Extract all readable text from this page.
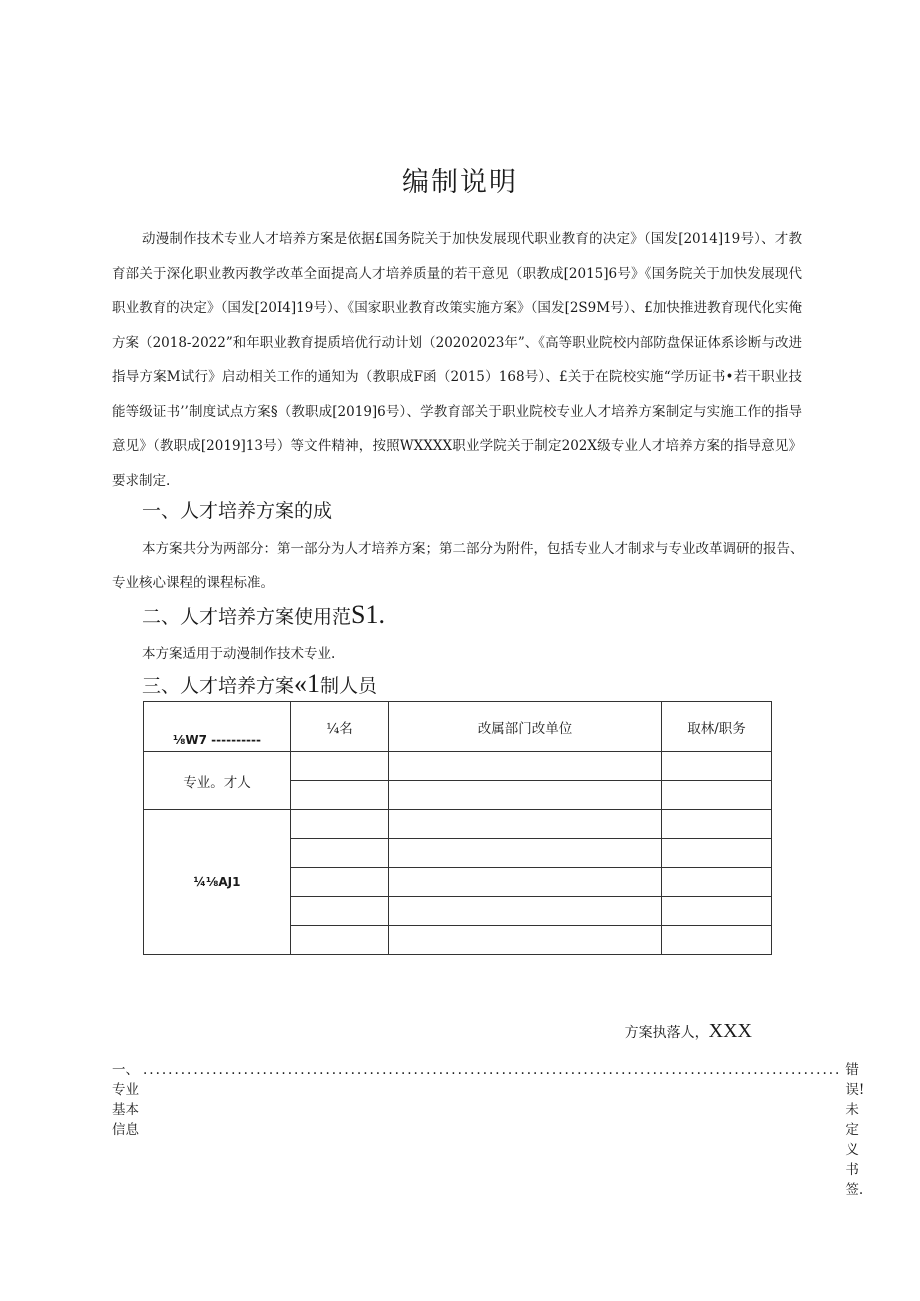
编制说明

动漫制作技术专业人才培养方案是依据£国务院关于加快发展现代职业教育的决定》（国发[2014]19号）、才教育部关于深化职业教丙教学改革全面提高人才培养质量的若干意见（职教成[2015]6号》《国务院关于加快发展现代职业教育的决定》（国发[20I4]19号）、《国家职业教育改策实施方案》（国发[2S9M号）、£加快推进教育现代化实俺方案（2018-2022”和年职业教育提质培优行动计划（20202023年”、《高等职业院校内部防盘保证体系诊断与改进指导方案M试行》启动相关工作的通知为（教职成F函（2015）168号）、£关于在院校实施“学历证书•若干职业技能等级证书’’制度试点方案§（教职成[2019]6号）、学教育部关于职业院校专业人才培养方案制定与实施工作的指导意见》（教职成[2019]13号）等文件精神，按照WXXXX职业学院关于制定202X级专业人才培养方案的指导意见》要求制定.

一、人才培养方案的成
本方案共分为两部分：第一部分为人才培养方案；第二部分为附件，包括专业人才制求与专业改革调研的报告、
专业核心课程的课程标准。
二、人才培养方案使用范S1.
本方案适用于动漫制作技术专业.
三、人才培养方案«1制人员
⅛W7 ----------	¼名	改属部门改单位	取林/职务
专业。才人			

¼⅛AJ1			

方案执落人，XXX
一、专业基本信息
............................................................................................................... 错误!未定义书签.
